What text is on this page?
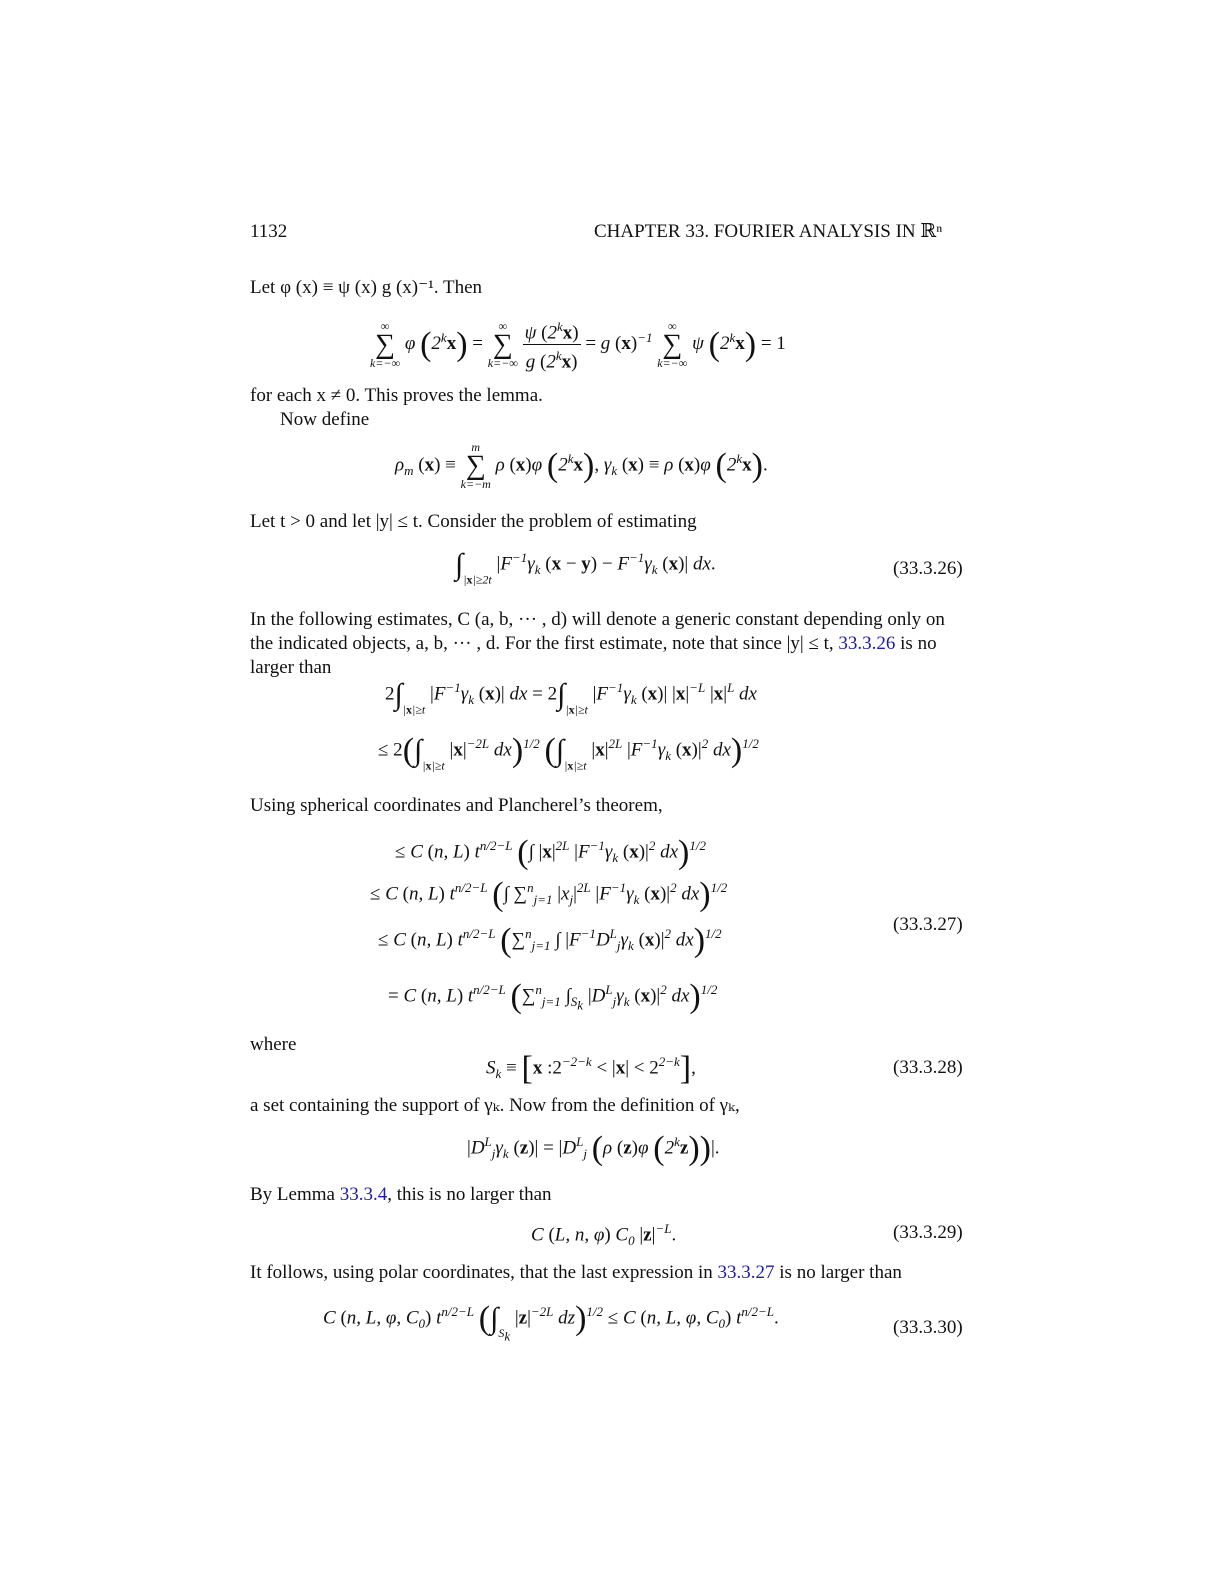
1132	CHAPTER 33. FOURIER ANALYSIS IN ℝⁿ
Let φ (x) ≡ ψ (x) g (x)⁻¹. Then
∞
∑
k=−∞
φ $(2^kx)$ =
∞
∑
k=−∞
$\frac{\psi (2^kx)}{g (2^kx)} = g$ $(x)^{-1}$
∞
∑
k=−∞
ψ $(2^kx) = 1$
for each x ≠ 0. This proves the lemma.
Now define
$\rho_m$ (x) ≡
m
∑
k=−m
ρ (x)φ (2$^k$x), $\gamma_k$ (x) ≡ ρ (x)φ (2$^k$x).
Let t > 0 and let |y| ≤ t. Consider the problem of estimating
$\int_{|x|\ge 2t}$ $|F^{-1}\gamma_k$ $(x - y) - F^{-1}\gamma_k$ (x)| dx.	(33.3.26)
In the following estimates, C (a, b, ··· , d) will denote a generic constant depending only on
the indicated objects, a, b, ··· , d. For the first estimate, note that since |y| ≤ t, 33.3.26 is no
larger than
$2\int_{|x|\ge t}$ $|F^{-1}\gamma_k$ (x)| dx = $2\int_{|x|\ge t}$ $|F^{-1}\gamma_k$ (x)| $|x|^{-L}$ $|x|^L$ dx
≤ $2(\int_{|x|\ge t}$ $|x|^{-2L}$ dx)$^{1/2}$ ($\int_{|x|\ge t}$ $|x|^{2L}$ $|F^{-1}\gamma_k$ $(x)|^2$ dx)$^{1/2}$
Using spherical coordinates and Plancherel’s theorem,
≤ C (n, L) $t^{n/2-L}$ (∫ $|x|^{2L}$ $|F^{-1}\gamma_k$ $(x)|^2$ dx)$^{1/2}$
≤ C (n, L) $t^{n/2-L}$ (∫ ∑$^n_{j=1}$ $|x_j|^{2L}$ $|F^{-1}\gamma_k$ $(x)|^2$ dx)$^{1/2}$
≤ C (n, L) $t^{n/2-L}$ (∑$^n_{j=1}$ ∫ $|F^{-1}D^L_j\gamma_k$ $(x)|^2$ dx)$^{1/2}$	(33.3.27)
= C (n, L) $t^{n/2-L}$ (∑$^n_{j=1}$ $\int_{S_k}$ $|D^L_j\gamma_k$ $(x)|^2$ dx)$^{1/2}$
where
$S_k \equiv [x$ $:2^{-2-k} < |x| < 2^{2-k}$],	(33.3.28)
a set containing the support of γₖ. Now from the definition of γₖ,
$|D^L_j\gamma_k$ $(z)| = |D^L_j$ (ρ (z)φ (2$^k$z))|.
By Lemma 33.3.4, this is no larger than
C (L, n, φ) $C_0$ $|z|^{-L}$.	(33.3.29)
It follows, using polar coordinates, that the last expression in 33.3.27 is no larger than
C (n, L, φ, $C_0$) $t^{n/2-L}$ ($\int_{S_k}$ $|z|^{-2L}$ dz)$^{1/2}$ ≤ C (n, L, φ, $C_0$) $t^{n/2-L}$.	(33.3.30)
